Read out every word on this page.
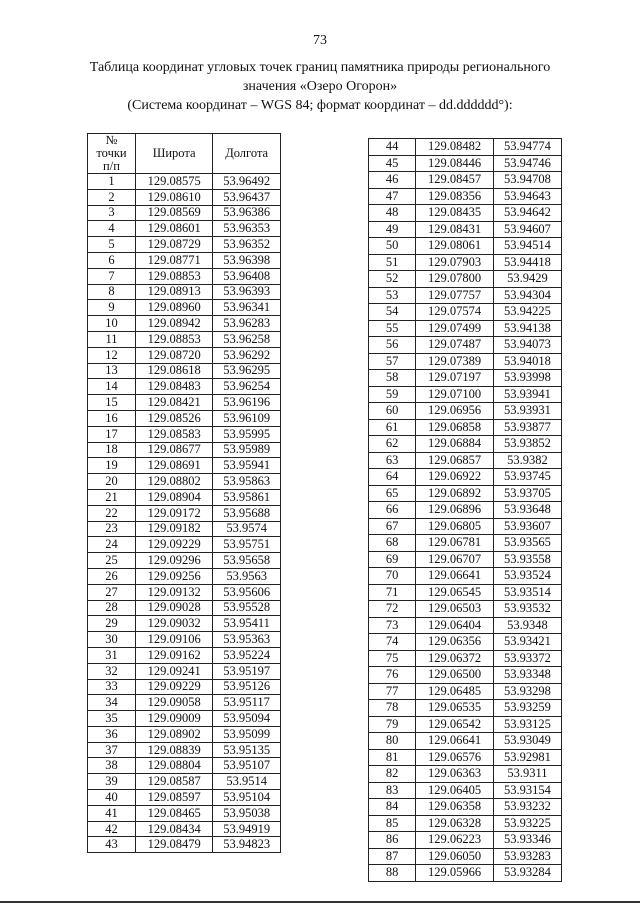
73
Таблица координат угловых точек границ памятника природы регионального
значения «Озеро Огорон»
(Система координат – WGS 84; формат координат – dd.dddddd°):
№
точки
п/п	Широта	Долгота
1	129.08575	53.96492
2	129.08610	53.96437
3	129.08569	53.96386
4	129.08601	53.96353
5	129.08729	53.96352
6	129.08771	53.96398
7	129.08853	53.96408
8	129.08913	53.96393
9	129.08960	53.96341
10	129.08942	53.96283
11	129.08853	53.96258
12	129.08720	53.96292
13	129.08618	53.96295
14	129.08483	53.96254
15	129.08421	53.96196
16	129.08526	53.96109
17	129.08583	53.95995
18	129.08677	53.95989
19	129.08691	53.95941
20	129.08802	53.95863
21	129.08904	53.95861
22	129.09172	53.95688
23	129.09182	53.9574
24	129.09229	53.95751
25	129.09296	53.95658
26	129.09256	53.9563
27	129.09132	53.95606
28	129.09028	53.95528
29	129.09032	53.95411
30	129.09106	53.95363
31	129.09162	53.95224
32	129.09241	53.95197
33	129.09229	53.95126
34	129.09058	53.95117
35	129.09009	53.95094
36	129.08902	53.95099
37	129.08839	53.95135
38	129.08804	53.95107
39	129.08587	53.9514
40	129.08597	53.95104
41	129.08465	53.95038
42	129.08434	53.94919
43	129.08479	53.94823
44	129.08482	53.94774
45	129.08446	53.94746
46	129.08457	53.94708
47	129.08356	53.94643
48	129.08435	53.94642
49	129.08431	53.94607
50	129.08061	53.94514
51	129.07903	53.94418
52	129.07800	53.9429
53	129.07757	53.94304
54	129.07574	53.94225
55	129.07499	53.94138
56	129.07487	53.94073
57	129.07389	53.94018
58	129.07197	53.93998
59	129.07100	53.93941
60	129.06956	53.93931
61	129.06858	53.93877
62	129.06884	53.93852
63	129.06857	53.9382
64	129.06922	53.93745
65	129.06892	53.93705
66	129.06896	53.93648
67	129.06805	53.93607
68	129.06781	53.93565
69	129.06707	53.93558
70	129.06641	53.93524
71	129.06545	53.93514
72	129.06503	53.93532
73	129.06404	53.9348
74	129.06356	53.93421
75	129.06372	53.93372
76	129.06500	53.93348
77	129.06485	53.93298
78	129.06535	53.93259
79	129.06542	53.93125
80	129.06641	53.93049
81	129.06576	53.92981
82	129.06363	53.9311
83	129.06405	53.93154
84	129.06358	53.93232
85	129.06328	53.93225
86	129.06223	53.93346
87	129.06050	53.93283
88	129.05966	53.93284
